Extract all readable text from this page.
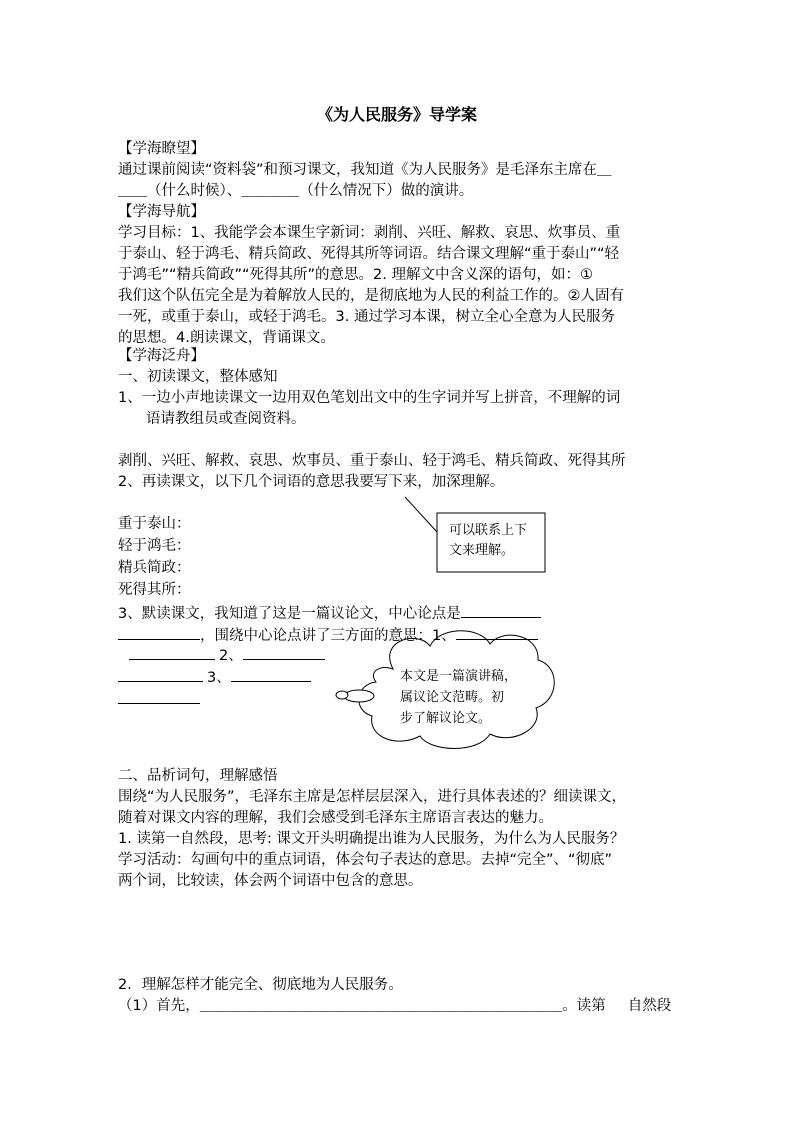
《为人民服务》导学案
【学海瞭望】
通过课前阅读“资料袋”和预习课文，我知道《为人民服务》是毛泽东主席在＿
＿＿（什么时候）、＿＿＿＿（什么情况下）做的演讲。
【学海导航】
学习目标：1、我能学会本课生字新词：剥削、兴旺、解救、哀思、炊事员、重
于泰山、轻于鸿毛、精兵简政、死得其所等词语。结合课文理解“重于泰山”“轻
于鸿毛”“精兵简政”“死得其所”的意思。2. 理解文中含义深的语句，如：①
我们这个队伍完全是为着解放人民的，是彻底地为人民的利益工作的。②人固有
一死，或重于泰山，或轻于鸿毛。3. 通过学习本课，树立全心全意为人民服务
的思想。4.朗读课文，背诵课文。
【学海泛舟】
一、初读课文，整体感知
1、一边小声地读课文一边用双色笔划出文中的生字词并写上拼音，不理解的词
语请教组员或查阅资料。
剥削、兴旺、解救、哀思、炊事员、重于泰山、轻于鸿毛、精兵简政、死得其所
2、再读课文，以下几个词语的意思我要写下来，加深理解。
重于泰山：
轻于鸿毛：
精兵简政：
死得其所：
可以联系上下
文来理解。
3、默读课文，我知道了这是一篇议论文，中心论点是
，围绕中心论点讲了三方面的意思：1、
2、
3、	本文是一篇演讲稿，
属议论文范畴。初
步了解议论文。
二、品析词句，理解感悟
围绕“为人民服务”，毛泽东主席是怎样层层深入，进行具体表述的？细读课文，
随着对课文内容的理解，我们会感受到毛泽东主席语言表达的魅力。
1. 读第一自然段，思考: 课文开头明确提出谁为人民服务，为什么为人民服务？
学习活动：勾画句中的重点词语，体会句子表达的意思。去掉“完全”、“彻底”
两个词，比较读，体会两个词语中包含的意思。
2．理解怎样才能完全、彻底地为人民服务。
（1）首先，＿＿＿＿＿＿＿＿＿＿＿＿＿＿＿＿＿＿＿＿＿＿＿＿＿。读第 自然段
